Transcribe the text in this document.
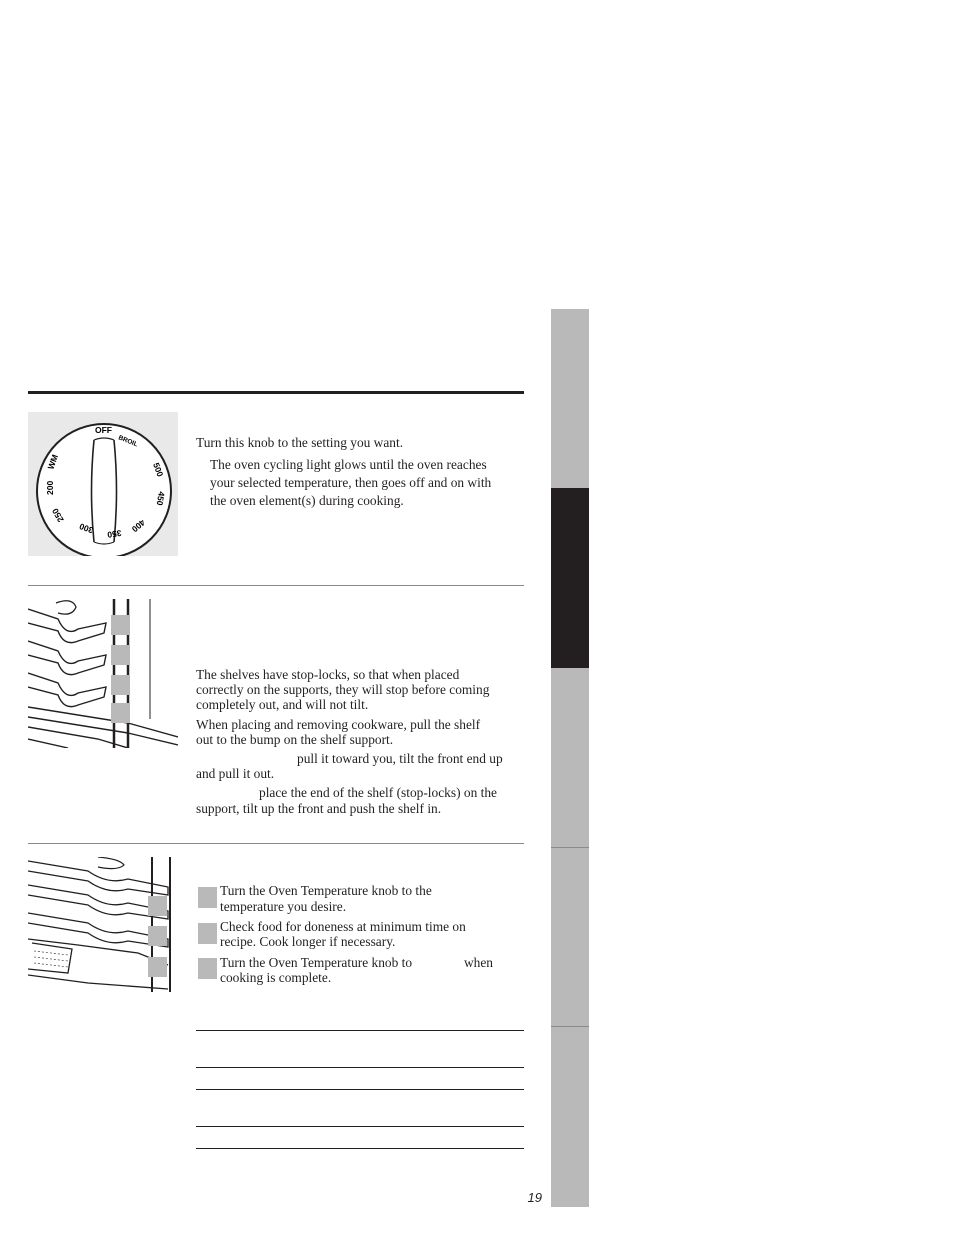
OFF
BROIL
500
450
400
350
300
250
200
WM
Turn this knob to the setting you want.
The oven cycling light glows until the oven reaches
your selected temperature, then goes off and on with
the oven element(s) during cooking.
The shelves have stop-locks, so that when placed
correctly on the supports, they will stop before coming
completely out, and will not tilt.
When placing and removing cookware, pull the shelf
out to the bump on the shelf support.
pull it toward you, tilt the front end up
and pull it out.
place the end of the shelf (stop-locks) on the
support, tilt up the front and push the shelf in.
Turn the Oven Temperature knob to the
temperature you desire.
Check food for doneness at minimum time on
recipe. Cook longer if necessary.
Turn the Oven Temperature knob to	when
cooking is complete.
19
